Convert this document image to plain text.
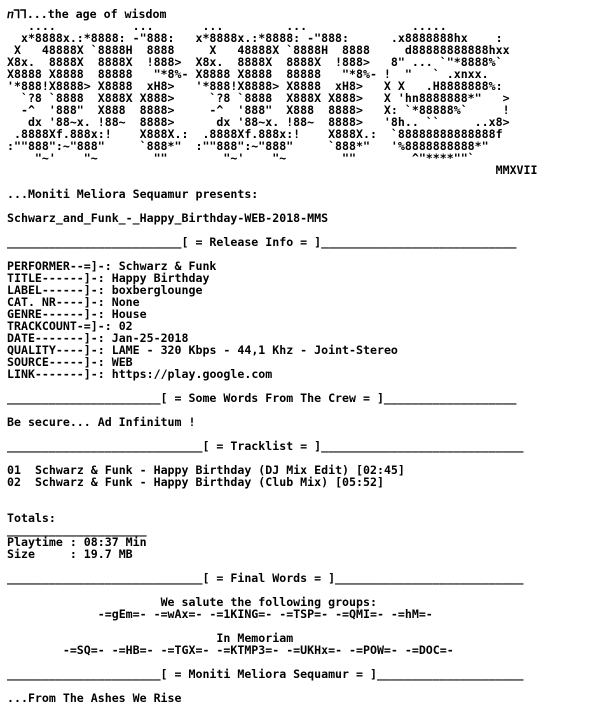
ⴖ⅂⅂...the age of wisdom
....           ...       ...         ...               .....
x*8888x.:*8888: -"888:   x*8888x.:*8888: -"888:      .x8888888hx    :
X   48888X `8888H  8888     X   48888X `8888H  8888     d88888888888hxx
X8x.  8888X  8888X  !888>  X8x.  8888X  8888X  !888>   8" ... `"*8888%`
X8888 X8888  88888   "*8%- X8888 X8888  88888   "*8%- !  "   ` .xnxx.
'*888!X8888> X8888  xH8>   '*888!X8888> X8888  xH8>   X X   .H8888888%:
`?8 `8888  X888X X888>     `?8 `8888  X888X X888>   X 'hn8888888*"   >
-^  '888"  X888  8888>     -^  '888"  X888  8888>   X: `*88888%`     !
dx '88~x. !88~  8888>      dx '88~x. !88~  8888>   '8h.. ``     ..x8>
.8888Xf.888x:!    X888X.:  .8888Xf.888x:!    X888X.:  `88888888888888f
:""888":~"888"     `888*"  :""888":~"888"     `888*"   '%8888888888*"
"~'    "~        ""        "~'    "~        ""        ^"****""`
MMXVII

...Moniti Meliora Sequamur presents:

Schwarz_and_Funk_-_Happy_Birthday-WEB-2018-MMS

_________________________[ = Release Info = ]____________________________

PERFORMER--=]-: Schwarz & Funk
TITLE------]-: Happy Birthday
LABEL------]-: boxberglounge
CAT. NR----]-: None
GENRE------]-: House
TRACKCOUNT-=]-: 02
DATE-------]-: Jan-25-2018
QUALITY----]-: LAME - 320 Kbps - 44,1 Khz - Joint-Stereo
SOURCE-----]-: WEB
LINK-------]-: https://play.google.com

______________________[ = Some Words From The Crew = ]___________________

Be secure... Ad Infinitum !

____________________________[ = Tracklist = ]_____________________________

01 Schwarz & Funk - Happy Birthday (DJ Mix Edit) [02:45]
02 Schwarz & Funk - Happy Birthday (Club Mix) [05:52]

Totals:
____________________
Playtime : 08:37 Min
Size     : 19.7 MB

____________________________[ = Final Words = ]___________________________

We salute the following groups:
-=gEm=- -=wAx=- -=1KING=- -=TSP=- -=QMI=- -=hM=-

In Memoriam
-=SQ=- -=HB=- -=TGX=- -=KTMP3=- -=UKHx=- -=POW=- -=DOC=-

______________________[ = Moniti Meliora Sequamur = ]_____________________

...From The Ashes We Rise
